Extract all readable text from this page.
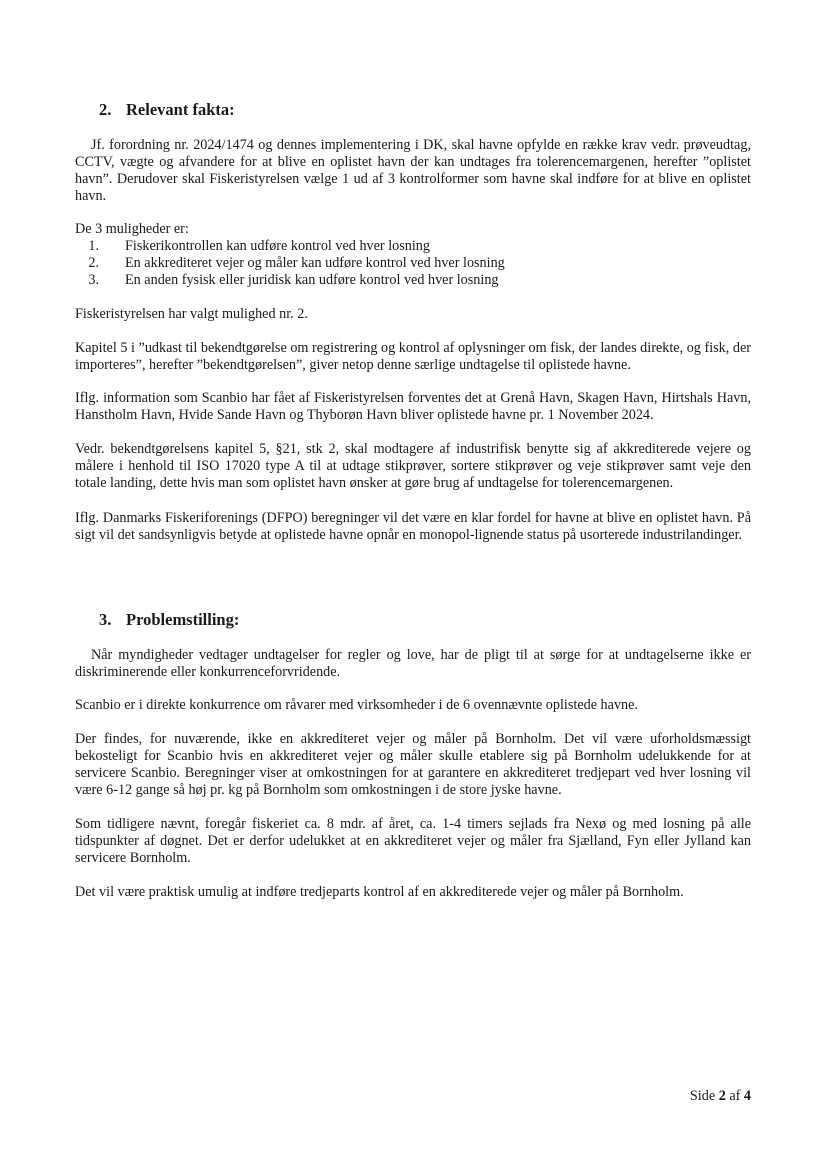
2. Relevant fakta:

Jf. forordning nr. 2024/1474 og dennes implementering i DK, skal havne opfylde en række krav vedr. prøveudtag, CCTV, vægte og afvandere for at blive en oplistet havn der kan undtages fra tolerencemargenen, herefter ”oplistet havn”. Derudover skal Fiskeristyrelsen vælge 1 ud af 3 kontrolformer som havne skal indføre for at blive en oplistet havn.

De 3 muligheder er:

1. Fiskerikontrollen kan udføre kontrol ved hver losning
2. En akkrediteret vejer og måler kan udføre kontrol ved hver losning
3. En anden fysisk eller juridisk kan udføre kontrol ved hver losning

Fiskeristyrelsen har valgt mulighed nr. 2.

Kapitel 5 i ”udkast til bekendtgørelse om registrering og kontrol af oplysninger om fisk, der landes direkte, og fisk, der importeres”, herefter ”bekendtgørelsen”, giver netop denne særlige undtagelse til oplistede havne.

Iflg. information som Scanbio har fået af Fiskeristyrelsen forventes det at Grenå Havn, Skagen Havn, Hirtshals Havn, Hanstholm Havn, Hvide Sande Havn og Thyborøn Havn bliver oplistede havne pr. 1 November 2024.

Vedr. bekendtgørelsens kapitel 5, §21, stk 2, skal modtagere af industrifisk benytte sig af akkrediterede vejere og målere i henhold til ISO 17020 type A til at udtage stikprøver, sortere stikprøver og veje stikprøver samt veje den totale landing, dette hvis man som oplistet havn ønsker at gøre brug af undtagelse for tolerencemargenen.

Iflg. Danmarks Fiskeriforenings (DFPO) beregninger vil det være en klar fordel for havne at blive en oplistet havn. På sigt vil det sandsynligvis betyde at oplistede havne opnår en monopol-lignende status på usorterede industrilandinger.

3. Problemstilling:

Når myndigheder vedtager undtagelser for regler og love, har de pligt til at sørge for at undtagelserne ikke er diskriminerende eller konkurrenceforvridende.

Scanbio er i direkte konkurrence om råvarer med virksomheder i de 6 ovennævnte oplistede havne.

Der findes, for nuværende, ikke en akkrediteret vejer og måler på Bornholm. Det vil være uforholdsmæssigt bekosteligt for Scanbio hvis en akkrediteret vejer og måler skulle etablere sig på Bornholm udelukkende for at servicere Scanbio. Beregninger viser at omkostningen for at garantere en akkrediteret tredjepart ved hver losning vil være 6-12 gange så høj pr. kg på Bornholm som omkostningen i de store jyske havne.

Som tidligere nævnt, foregår fiskeriet ca. 8 mdr. af året, ca. 1-4 timers sejlads fra Nexø og med losning på alle tidspunkter af døgnet. Det er derfor udelukket at en akkrediteret vejer og måler fra Sjælland, Fyn eller Jylland kan servicere Bornholm.

Det vil være praktisk umulig at indføre tredjeparts kontrol af en akkrediterede vejer og måler på Bornholm.

Side 2 af 4
